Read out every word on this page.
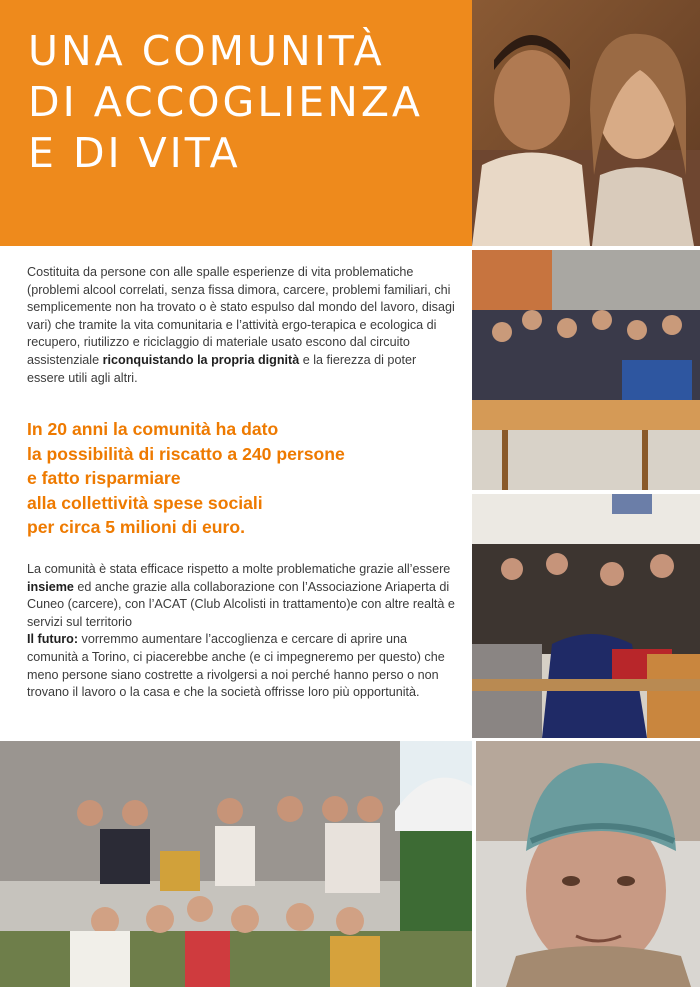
UNA COMUNITÀ
DI ACCOGLIENZA
E DI VITA

Costituita da persone con alle spalle esperienze di vita problematiche (problemi alcool correlati, senza fissa dimora, carcere, problemi familiari, chi semplicemente non ha trovato o è stato espulso dal mondo del lavoro, disagi vari) che tramite la vita comunitaria e l’attività ergo-terapica e ecologica di recupero, riutilizzo e riciclaggio di materiale usato escono dal circuito assistenziale riconquistando la propria dignità e la fierezza di poter essere utili agli altri.

In 20 anni la comunità ha dato
la possibilità di riscatto a 240 persone
e fatto risparmiare
alla collettività spese sociali
per circa 5 milioni di euro.

La comunità è stata efficace rispetto a molte problematiche grazie all’essere insieme ed anche grazie alla collaborazione con l’Associazione Ariaperta di Cuneo (carcere), con l’ACAT (Club Alcolisti in trattamento)e con altre realtà e servizi sul territorio
Il futuro: vorremmo aumentare l’accoglienza e cercare di aprire una comunità a Torino, ci piacerebbe anche (e ci impegneremo per questo) che meno persone siano costrette a rivolgersi a noi perché hanno perso o non trovano il lavoro o la casa e che la società offrisse loro più opportunità.
